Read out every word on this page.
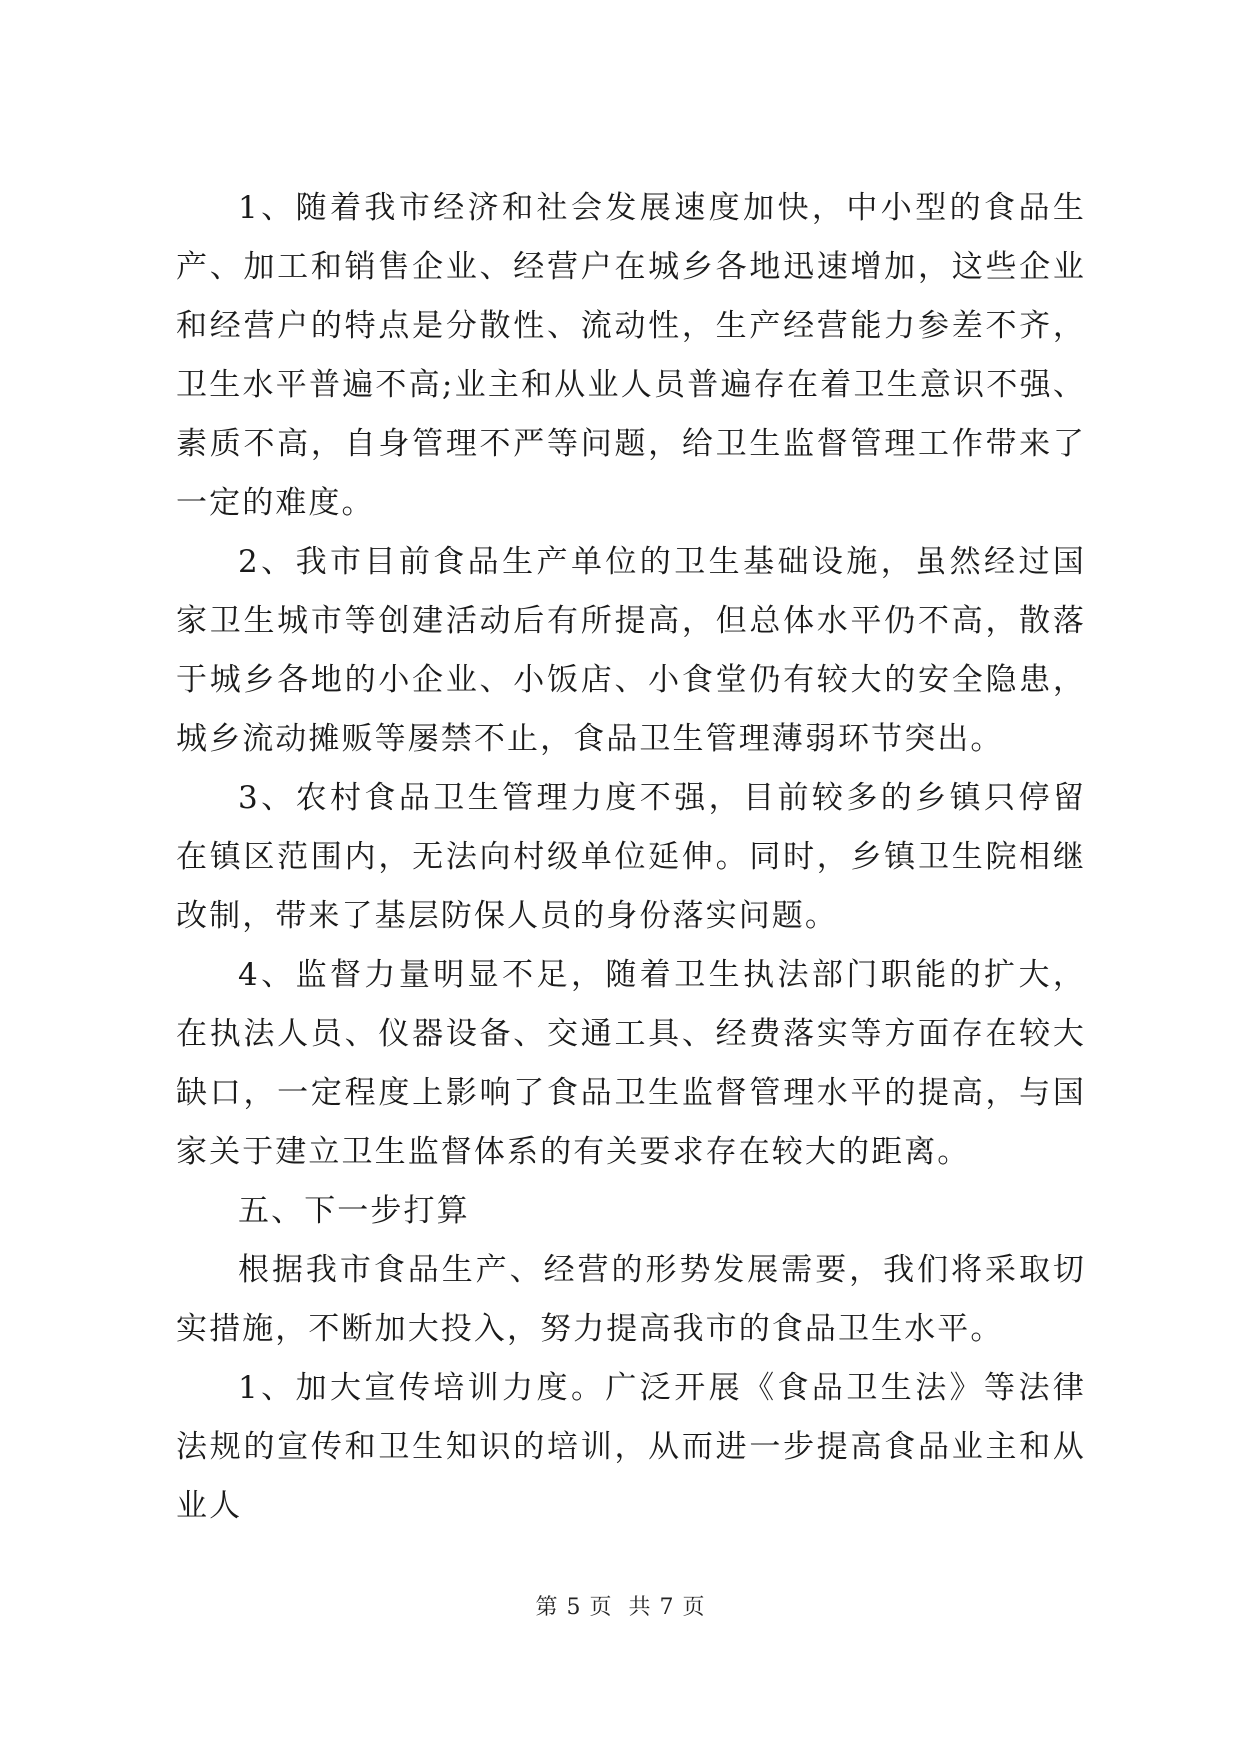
1、随着我市经济和社会发展速度加快，中小型的食品生产、加工和销售企业、经营户在城乡各地迅速增加，这些企业和经营户的特点是分散性、流动性，生产经营能力参差不齐，卫生水平普遍不高;业主和从业人员普遍存在着卫生意识不强、素质不高，自身管理不严等问题，给卫生监督管理工作带来了一定的难度。

2、我市目前食品生产单位的卫生基础设施，虽然经过国家卫生城市等创建活动后有所提高，但总体水平仍不高，散落于城乡各地的小企业、小饭店、小食堂仍有较大的安全隐患，城乡流动摊贩等屡禁不止，食品卫生管理薄弱环节突出。

3、农村食品卫生管理力度不强，目前较多的乡镇只停留在镇区范围内，无法向村级单位延伸。同时，乡镇卫生院相继改制，带来了基层防保人员的身份落实问题。

4、监督力量明显不足，随着卫生执法部门职能的扩大，在执法人员、仪器设备、交通工具、经费落实等方面存在较大缺口，一定程度上影响了食品卫生监督管理水平的提高，与国家关于建立卫生监督体系的有关要求存在较大的距离。

五、下一步打算

根据我市食品生产、经营的形势发展需要，我们将采取切实措施，不断加大投入，努力提高我市的食品卫生水平。

1、加大宣传培训力度。广泛开展《食品卫生法》等法律法规的宣传和卫生知识的培训，从而进一步提高食品业主和从业人

第 5 页  共 7 页
